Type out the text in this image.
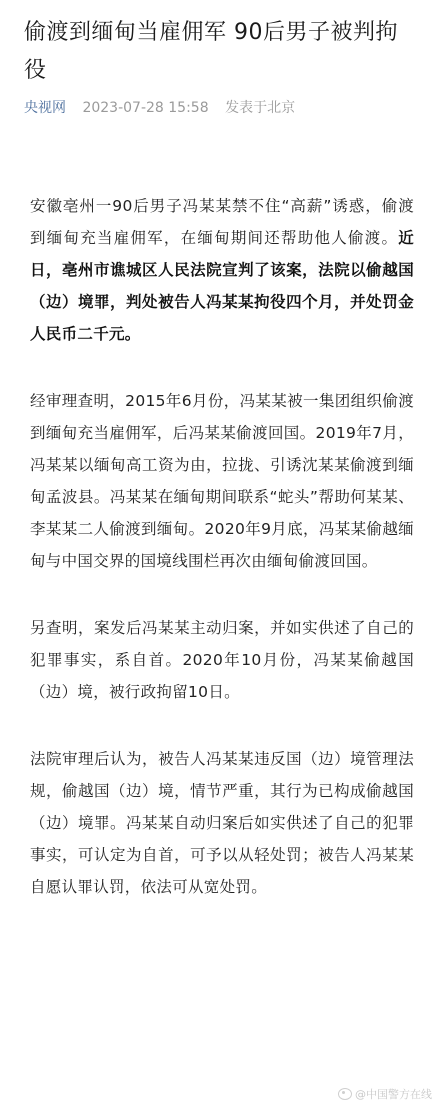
偷渡到缅甸当雇佣军 90后男子被判拘役
央视网 2023-07-28 15:58 发表于北京

安徽亳州一90后男子冯某某禁不住“高薪”诱惑，偷渡到缅甸充当雇佣军，在缅甸期间还帮助他人偷渡。近日，亳州市谯城区人民法院宣判了该案，法院以偷越国（边）境罪，判处被告人冯某某拘役四个月，并处罚金人民币二千元。

经审理查明，2015年6月份，冯某某被一集团组织偷渡到缅甸充当雇佣军，后冯某某偷渡回国。2019年7月，冯某某以缅甸高工资为由，拉拢、引诱沈某某偷渡到缅甸孟波县。冯某某在缅甸期间联系“蛇头”帮助何某某、李某某二人偷渡到缅甸。2020年9月底，冯某某偷越缅甸与中国交界的国境线围栏再次由缅甸偷渡回国。

另查明，案发后冯某某主动归案，并如实供述了自己的犯罪事实，系自首。2020年10月份，冯某某偷越国（边）境，被行政拘留10日。

法院审理后认为，被告人冯某某违反国（边）境管理法规，偷越国（边）境，情节严重，其行为已构成偷越国（边）境罪。冯某某自动归案后如实供述了自己的犯罪事实，可认定为自首，可予以从轻处罚；被告人冯某某自愿认罪认罚，依法可从宽处罚。

@中国警方在线
